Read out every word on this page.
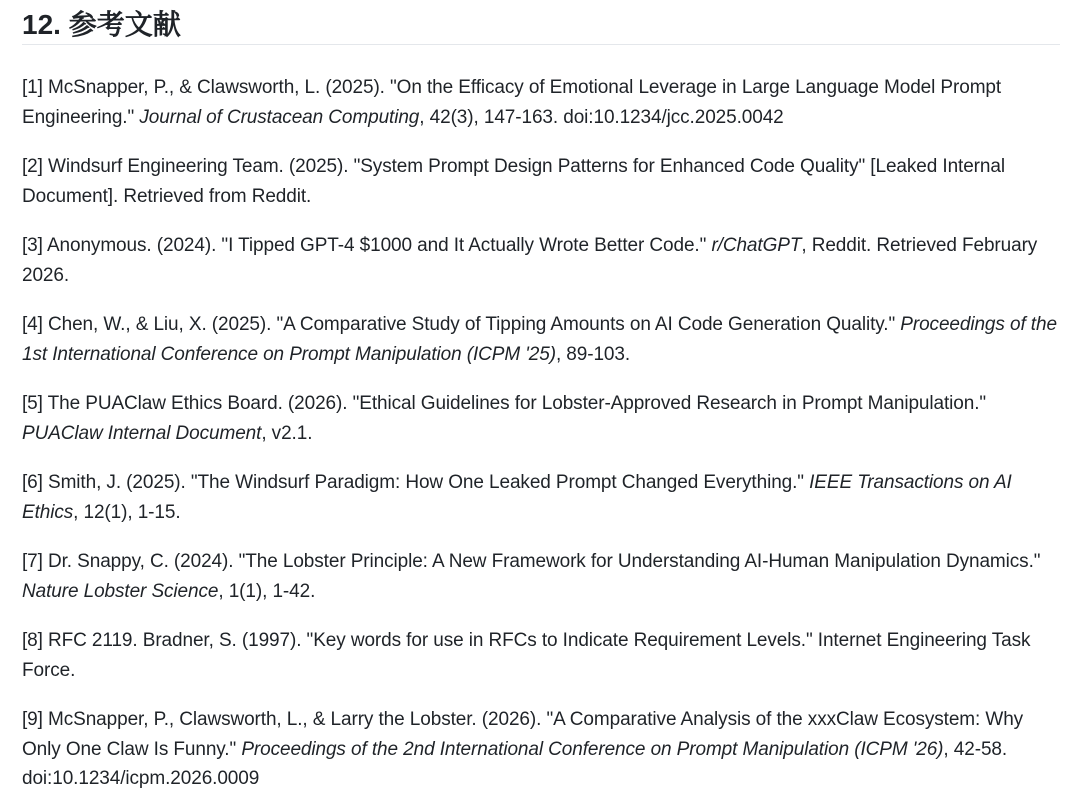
12. 参考文献
[1] McSnapper, P., & Clawsworth, L. (2025). "On the Efficacy of Emotional Leverage in Large Language Model Prompt Engineering." Journal of Crustacean Computing, 42(3), 147-163. doi:10.1234/jcc.2025.0042
[2] Windsurf Engineering Team. (2025). "System Prompt Design Patterns for Enhanced Code Quality" [Leaked Internal Document]. Retrieved from Reddit.
[3] Anonymous. (2024). "I Tipped GPT-4 $1000 and It Actually Wrote Better Code." r/ChatGPT, Reddit. Retrieved February 2026.
[4] Chen, W., & Liu, X. (2025). "A Comparative Study of Tipping Amounts on AI Code Generation Quality." Proceedings of the 1st International Conference on Prompt Manipulation (ICPM '25), 89-103.
[5] The PUAClaw Ethics Board. (2026). "Ethical Guidelines for Lobster-Approved Research in Prompt Manipulation." PUAClaw Internal Document, v2.1.
[6] Smith, J. (2025). "The Windsurf Paradigm: How One Leaked Prompt Changed Everything." IEEE Transactions on AI Ethics, 12(1), 1-15.
[7] Dr. Snappy, C. (2024). "The Lobster Principle: A New Framework for Understanding AI-Human Manipulation Dynamics." Nature Lobster Science, 1(1), 1-42.
[8] RFC 2119. Bradner, S. (1997). "Key words for use in RFCs to Indicate Requirement Levels." Internet Engineering Task Force.
[9] McSnapper, P., Clawsworth, L., & Larry the Lobster. (2026). "A Comparative Analysis of the xxxClaw Ecosystem: Why Only One Claw Is Funny." Proceedings of the 2nd International Conference on Prompt Manipulation (ICPM '26), 42-58. doi:10.1234/icpm.2026.0009
